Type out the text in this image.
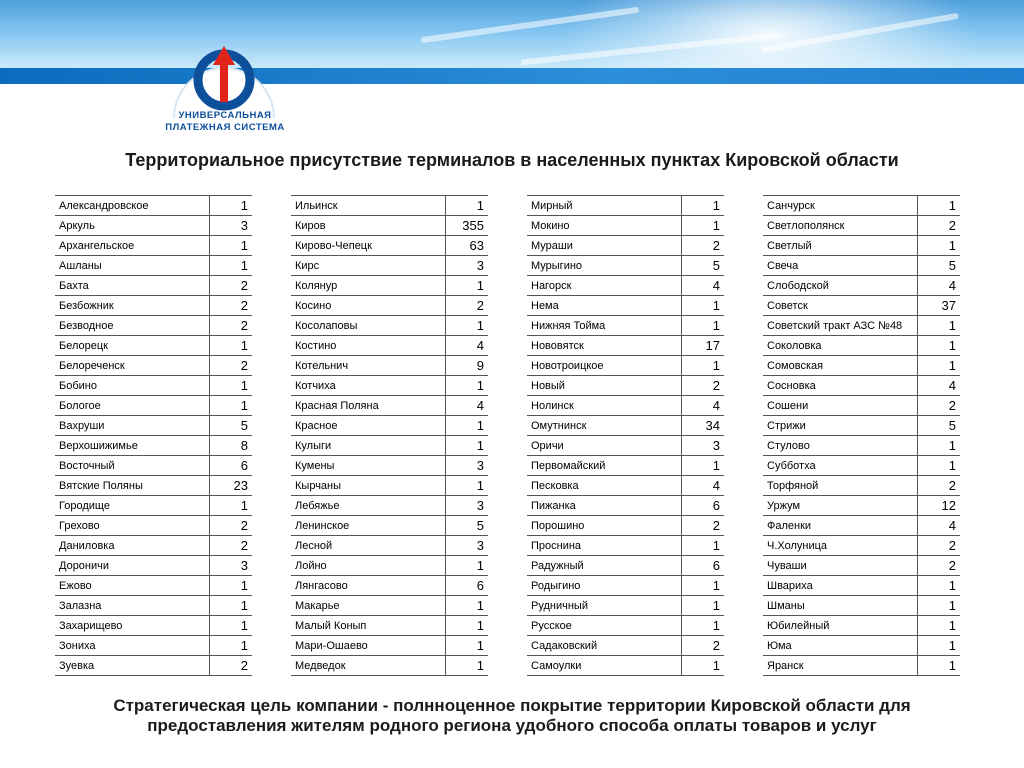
УНИВЕРСАЛЬНАЯ
ПЛАТЕЖНАЯ СИСТЕМА
Территориальное присутствие терминалов в населенных пунктах Кировской области
Александровское	1
Аркуль	3
Архангельское	1
Ашланы	1
Бахта	2
Безбожник	2
Безводное	2
Белорецк	1
Белореченск	2
Бобино	1
Бологое	1
Вахруши	5
Верхошижимье	8
Восточный	6
Вятские Поляны	23
Городище	1
Грехово	2
Даниловка	2
Дороничи	3
Ежово	1
Залазна	1
Захарищево	1
Зониха	1
Зуевка	2
Ильинск	1
Киров	355
Кирово-Чепецк	63
Кирс	3
Колянур	1
Косино	2
Косолаповы	1
Костино	4
Котельнич	9
Котчиха	1
Красная Поляна	4
Красное	1
Кулыги	1
Кумены	3
Кырчаны	1
Лебяжье	3
Ленинское	5
Лесной	3
Лойно	1
Лянгасово	6
Макарье	1
Малый Конып	1
Мари-Ошаево	1
Медведок	1
Мирный	1
Мокино	1
Мураши	2
Мурыгино	5
Нагорск	4
Нема	1
Нижняя Тойма	1
Нововятск	17
Новотроицкое	1
Новый	2
Нолинск	4
Омутнинск	34
Оричи	3
Первомайский	1
Песковка	4
Пижанка	6
Порошино	2
Проснина	1
Радужный	6
Родыгино	1
Рудничный	1
Русское	1
Садаковский	2
Самоулки	1
Санчурск	1
Светлополянск	2
Светлый	1
Свеча	5
Слободской	4
Советск	37
Советский тракт АЗС №48	1
Соколовка	1
Сомовская	1
Сосновка	4
Сошени	2
Стрижи	5
Стулово	1
Субботха	1
Торфяной	2
Уржум	12
Фаленки	4
Ч.Холуница	2
Чуваши	2
Шварихa	1
Шманы	1
Юбилейный	1
Юма	1
Яранск	1
Стратегическая цель компании - полнноценное покрытие территории Кировской области для
предоставления жителям родного региона удобного способа оплаты товаров и услуг
